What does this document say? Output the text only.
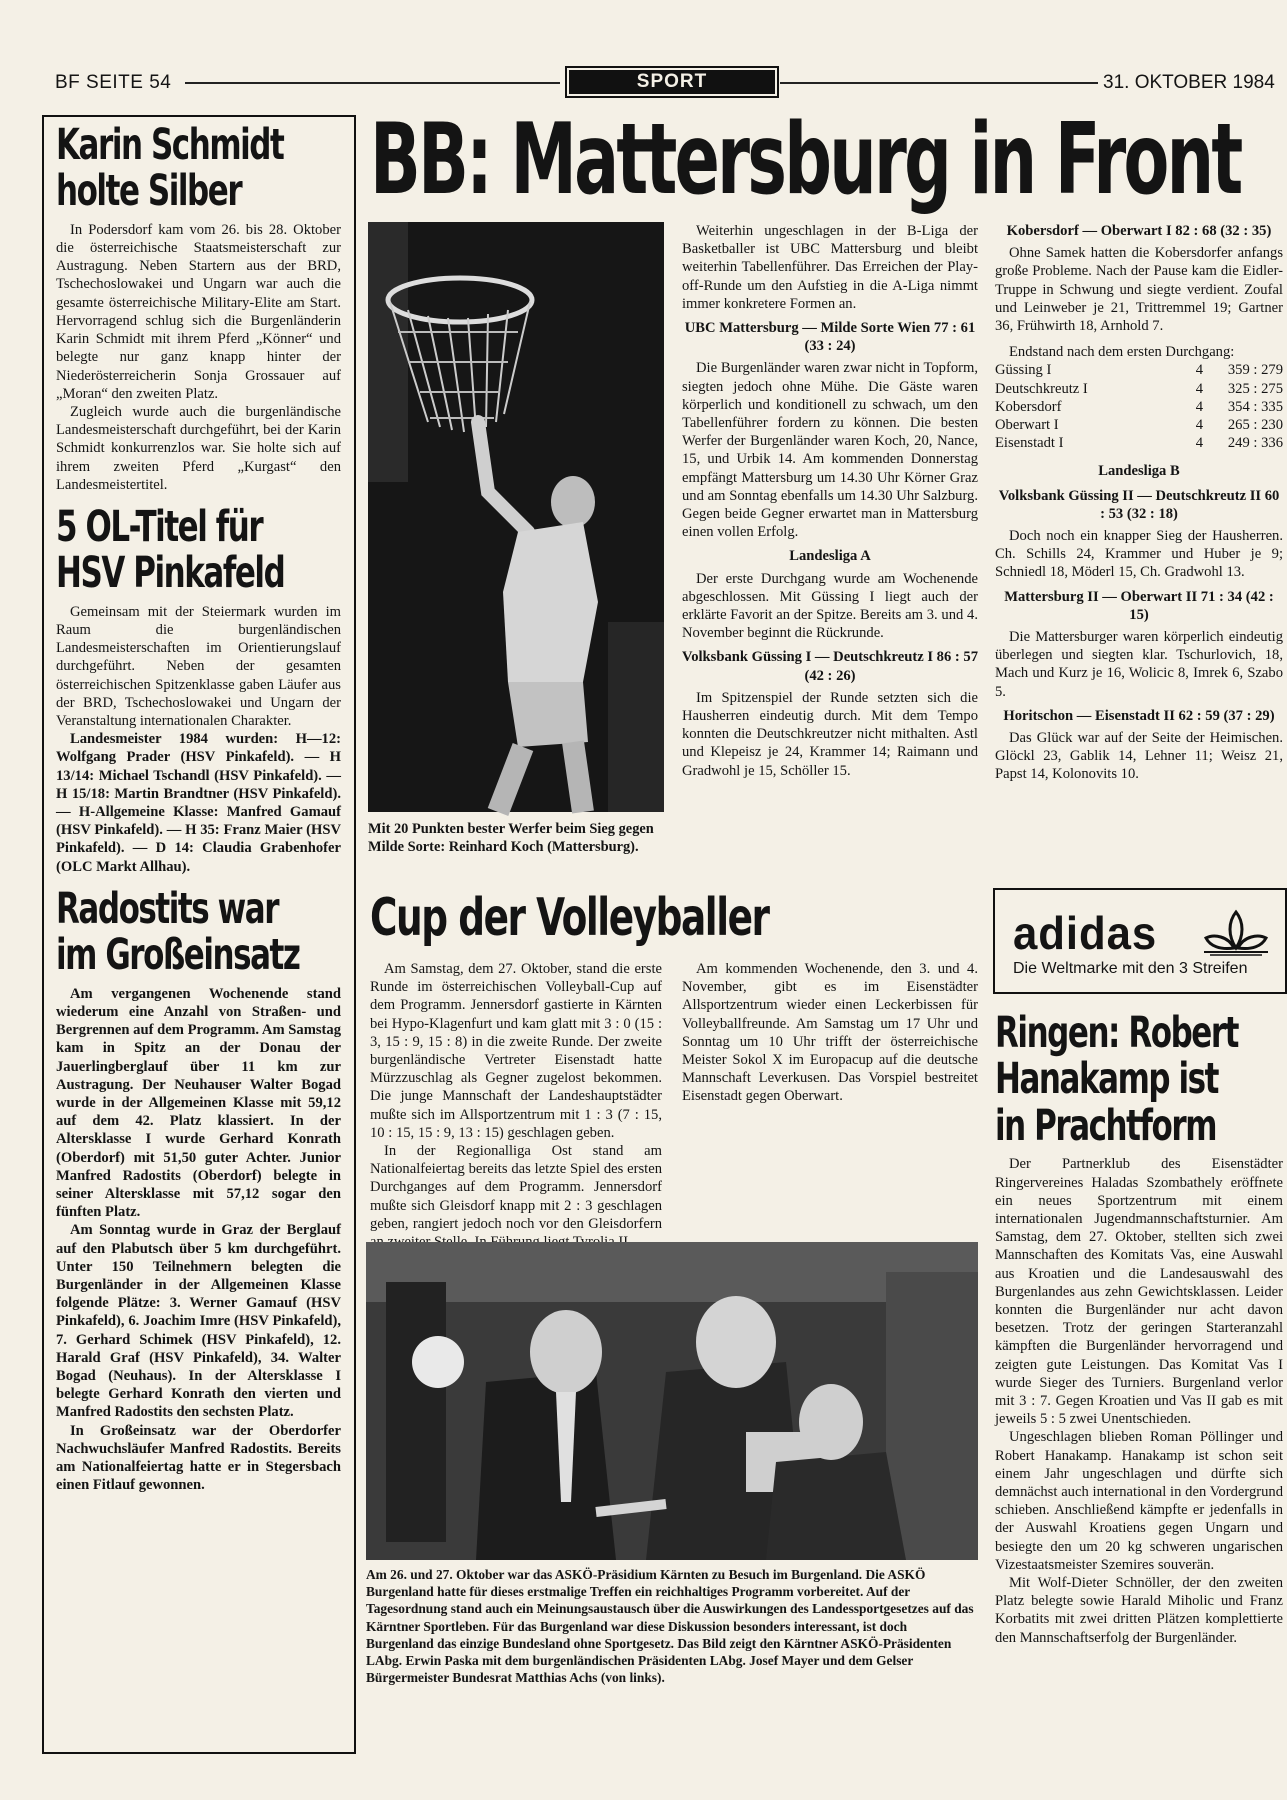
BF SEITE 54	SPORT	31. OKTOBER 1984
Karin Schmidt
holte Silber

In Podersdorf kam vom 26. bis 28. Oktober die österreichische Staatsmeisterschaft zur Austragung. Neben Startern aus der BRD, Tschechoslowakei und Ungarn war auch die gesamte österreichische Military-Elite am Start. Hervorragend schlug sich die Burgenländerin Karin Schmidt mit ihrem Pferd „Könner“ und belegte nur ganz knapp hinter der Niederösterreicherin Sonja Grossauer auf „Moran“ den zweiten Platz.

Zugleich wurde auch die burgenländische Landesmeisterschaft durchgeführt, bei der Karin Schmidt konkurrenzlos war. Sie holte sich auf ihrem zweiten Pferd „Kurgast“ den Landesmeistertitel.

5 OL-Titel für
HSV Pinkafeld

Gemeinsam mit der Steiermark wurden im Raum die burgenländischen Landesmeisterschaften im Orientierungslauf durchgeführt. Neben der gesamten österreichischen Spitzenklasse gaben Läufer aus der BRD, Tschechoslowakei und Ungarn der Veranstaltung internationalen Charakter.

Landesmeister 1984 wurden: H—12: Wolfgang Prader (HSV Pinkafeld). — H 13/14: Michael Tschandl (HSV Pinkafeld). — H 15/18: Martin Brandtner (HSV Pinkafeld). — H-Allgemeine Klasse: Manfred Gamauf (HSV Pinkafeld). — H 35: Franz Maier (HSV Pinkafeld). — D 14: Claudia Grabenhofer (OLC Markt Allhau).

Radostits war
im Großeinsatz

Am vergangenen Wochenende stand wiederum eine Anzahl von Straßen- und Bergrennen auf dem Programm. Am Samstag kam in Spitz an der Donau der Jauerlingberglauf über 11 km zur Austragung. Der Neuhauser Walter Bogad wurde in der Allgemeinen Klasse mit 59,12 auf dem 42. Platz klassiert. In der Altersklasse I wurde Gerhard Konrath (Oberdorf) mit 51,50 guter Achter. Junior Manfred Radostits (Oberdorf) belegte in seiner Altersklasse mit 57,12 sogar den fünften Platz.

Am Sonntag wurde in Graz der Berglauf auf den Plabutsch über 5 km durchgeführt. Unter 150 Teilnehmern belegten die Burgenländer in der Allgemeinen Klasse folgende Plätze: 3. Werner Gamauf (HSV Pinkafeld), 6. Joachim Imre (HSV Pinkafeld), 7. Gerhard Schimek (HSV Pinkafeld), 12. Harald Graf (HSV Pinkafeld), 34. Walter Bogad (Neuhaus). In der Altersklasse I belegte Gerhard Konrath den vierten und Manfred Radostits den sechsten Platz.

In Großeinsatz war der Oberdorfer Nachwuchsläufer Manfred Radostits. Bereits am Nationalfeiertag hatte er in Stegersbach einen Fitlauf gewonnen.

BB: Mattersburg in Front
Mit 20 Punkten bester Werfer beim Sieg gegen Milde Sorte: Reinhard Koch (Mattersburg).

Weiterhin ungeschlagen in der B-Liga der Basketballer ist UBC Mattersburg und bleibt weiterhin Tabellenführer. Das Erreichen der Play-off-Runde um den Aufstieg in die A-Liga nimmt immer konkretere Formen an.

UBC Mattersburg — Milde Sorte Wien 77 : 61 (33 : 24)

Die Burgenländer waren zwar nicht in Topform, siegten jedoch ohne Mühe. Die Gäste waren körperlich und konditionell zu schwach, um den Tabellenführer fordern zu können. Die besten Werfer der Burgenländer waren Koch, 20, Nance, 15, und Urbik 14. Am kommenden Donnerstag empfängt Mattersburg um 14.30 Uhr Körner Graz und am Sonntag ebenfalls um 14.30 Uhr Salzburg. Gegen beide Gegner erwartet man in Mattersburg einen vollen Erfolg.

Landesliga A

Der erste Durchgang wurde am Wochenende abgeschlossen. Mit Güssing I liegt auch der erklärte Favorit an der Spitze. Bereits am 3. und 4. November beginnt die Rückrunde.

Volksbank Güssing I — Deutschkreutz I 86 : 57 (42 : 26)

Im Spitzenspiel der Runde setzten sich die Hausherren eindeutig durch. Mit dem Tempo konnten die Deutschkreutzer nicht mithalten. Astl und Klepeisz je 24, Krammer 14; Raimann und Gradwohl je 15, Schöller 15.

Kobersdorf — Oberwart I 82 : 68 (32 : 35)

Ohne Samek hatten die Kobersdorfer anfangs große Probleme. Nach der Pause kam die Eidler-Truppe in Schwung und siegte verdient. Zoufal und Leinweber je 21, Trittremmel 19; Gartner 36, Frühwirth 18, Arnhold 7.

Endstand nach dem ersten Durchgang:

Güssing I	4	359 : 279
Deutschkreutz I	4	325 : 275
Kobersdorf	4	354 : 335
Oberwart I	4	265 : 230
Eisenstadt I	4	249 : 336
Landesliga B
Volksbank Güssing II — Deutschkreutz II 60 : 53 (32 : 18)

Doch noch ein knapper Sieg der Hausherren. Ch. Schills 24, Krammer und Huber je 9; Schniedl 18, Möderl 15, Ch. Gradwohl 13.

Mattersburg II — Oberwart II 71 : 34 (42 : 15)

Die Mattersburger waren körperlich eindeutig überlegen und siegten klar. Tschurlovich, 18, Mach und Kurz je 16, Wolicic 8, Imrek 6, Szabo 5.

Horitschon — Eisenstadt II 62 : 59 (37 : 29)

Das Glück war auf der Seite der Heimischen. Glöckl 23, Gablik 14, Lehner 11; Weisz 21, Papst 14, Kolonovits 10.

Cup der Volleyballer

Am Samstag, dem 27. Oktober, stand die erste Runde im österreichischen Volleyball-Cup auf dem Programm. Jennersdorf gastierte in Kärnten bei Hypo-Klagenfurt und kam glatt mit 3 : 0 (15 : 3, 15 : 9, 15 : 8) in die zweite Runde. Der zweite burgenländische Vertreter Eisenstadt hatte Mürzzuschlag als Gegner zugelost bekommen. Die junge Mannschaft der Landeshauptstädter mußte sich im Allsportzentrum mit 1 : 3 (7 : 15, 10 : 15, 15 : 9, 13 : 15) geschlagen geben.

In der Regionalliga Ost stand am Nationalfeiertag bereits das letzte Spiel des ersten Durchganges auf dem Programm. Jennersdorf mußte sich Gleisdorf knapp mit 2 : 3 geschlagen geben, rangiert jedoch noch vor den Gleisdorfern

Am kommenden Wochenende, den 3. und 4. November, gibt es im Eisenstädter Allsportzentrum wieder einen Leckerbissen für Volleyballfreunde. Am Samstag um 17 Uhr und Sonntag um 10 Uhr trifft der österreichische Meister Sokol X im Europacup auf die deutsche Mannschaft Leverkusen. Das Vorspiel bestreitet Eisenstadt gegen Oberwart.

Am 26. und 27. Oktober war das ASKÖ-Präsidium Kärnten zu Besuch im Burgenland. Die ASKÖ Burgenland hatte für dieses erstmalige Treffen ein reichhaltiges Programm vorbereitet. Auf der Tagesordnung stand auch ein Meinungsaustausch über die Auswirkungen des Landessportgesetzes auf das Kärntner Sportleben. Für das Burgenland war diese Diskussion besonders interessant, ist doch Burgenland das einzige Bundesland ohne Sportgesetz. Das Bild zeigt den Kärntner ASKÖ-Präsidenten LAbg. Erwin Paska mit dem burgenländischen Präsidenten LAbg. Josef Mayer und dem Gelser Bürgermeister Bundesrat Matthias Achs (von links).
adidas
Die Weltmarke mit den 3 Streifen
Ringen: Robert
Hanakamp ist
in Prachtform

Der Partnerklub des Eisenstädter Ringervereines Haladas Szombathely eröffnete ein neues Sportzentrum mit einem internationalen Jugendmannschaftsturnier. Am Samstag, dem 27. Oktober, stellten sich zwei Mannschaften des Komitats Vas, eine Auswahl aus Kroatien und die Landesauswahl des Burgenlandes aus zehn Gewichtsklassen. Leider konnten die Burgenländer nur acht davon besetzen. Trotz der geringen Starteranzahl kämpften die Burgenländer hervorragend und zeigten gute Leistungen. Das Komitat Vas I wurde Sieger des Turniers. Burgenland verlor mit 3 : 7. Gegen Kroatien und Vas II gab es mit jeweils 5 : 5 zwei Unentschieden.

Ungeschlagen blieben Roman Pöllinger und Robert Hanakamp. Hanakamp ist schon seit einem Jahr ungeschlagen und dürfte sich demnächst auch international in den Vordergrund schieben. Anschließend kämpfte er jedenfalls in der Auswahl Kroatiens gegen Ungarn und besiegte den um 20 kg schweren ungarischen Vizestaatsmeister Szemires souverän.

Mit Wolf-Dieter Schnöller, der den zweiten Platz belegte sowie Harald Miholic und Franz Korbatits mit zwei dritten Plätzen komplettierte den Mannschaftserfolg der Burgenländer.
